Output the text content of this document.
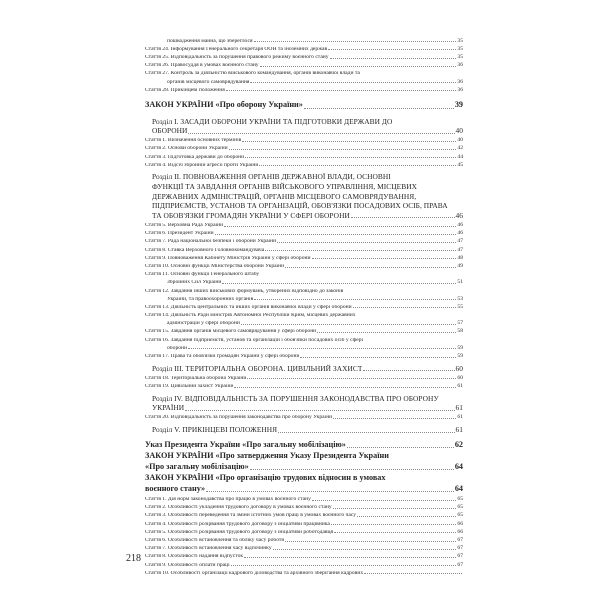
пошкодження майна, що збереглося	35
Стаття 24. Інформування Генерального секретаря ООН та іноземних держав	35
Стаття 25. Відповідальність за порушення правового режиму воєнного стану	35
Стаття 26. Правосуддя в умовах воєнного стану	36
Стаття 27. Контроль за діяльністю військового командування, органів виконавчої влади та
органів місцевого самоврядування	36
Стаття 28. Прикінцеві положення	36
ЗАКОН УКРАЇНИ «Про оборону України»	39
Розділ І. ЗАСАДИ ОБОРОНИ УКРАЇНИ ТА ПІДГОТОВКИ ДЕРЖАВИ ДО
ОБОРОНИ	40
Стаття 1. Визначення основних термінів	40
Стаття 2. Основи оборони України	42
Стаття 3. Підготовка держави до оборони	44
Стаття 4. Відсіч збройній агресії проти України	45
Розділ ІІ. ПОВНОВАЖЕННЯ ОРГАНІВ ДЕРЖАВНОЇ ВЛАДИ, ОСНОВНІ
ФУНКЦІЇ ТА ЗАВДАННЯ ОРГАНІВ ВІЙСЬКОВОГО УПРАВЛІННЯ, МІСЦЕВИХ
ДЕРЖАВНИХ АДМІНІСТРАЦІЙ, ОРГАНІВ МІСЦЕВОГО САМОВРЯДУВАННЯ,
ПІДПРИЄМСТВ, УСТАНОВ ТА ОРГАНІЗАЦІЙ, ОБОВ'ЯЗКИ ПОСАДОВИХ ОСІБ, ПРАВА
ТА ОБОВ'ЯЗКИ ГРОМАДЯН УКРАЇНИ У СФЕРІ ОБОРОНИ	46
Стаття 5. Верховна Рада України	46
Стаття 6. Президент України	46
Стаття 7. Рада національної безпеки і оборони України	47
Стаття 8. Ставка Верховного Головнокомандувача	47
Стаття 9. Повноваження Кабінету Міністрів України у сфері оборони	48
Стаття 10. Основні функції Міністерства оборони України	49
Стаття 11. Основні функції Генерального штабу
Збройних Сил України	51
Стаття 12. Завдання інших військових формувань, утворених відповідно до законів
України, та правоохоронних органів	53
Стаття 13. Діяльність центральних та інших органів виконавчої влади у сфері оборони	55
Стаття 14. Діяльність Ради міністрів Автономної Республіки Крим, місцевих державних
адміністрацій у сфері оборони	57
Стаття 15. Завдання органів місцевого самоврядування у сфері оборони	58
Стаття 16. Завдання підприємств, установ та організацій і обов'язки посадових осіб у сфері
оборони	59
Стаття 17. Права та обов'язки громадян України у сфері оборони	59
Розділ ІІІ. ТЕРИТОРІАЛЬНА ОБОРОНА. ЦИВІЛЬНИЙ ЗАХИСТ	60
Стаття 18. Територіальна оборона України	60
Стаття 19. Цивільний захист України	61
Розділ IV. ВІДПОВІДАЛЬНІСТЬ ЗА ПОРУШЕННЯ ЗАКОНОДАВСТВА ПРО ОБОРОНУ
УКРАЇНИ	61
Стаття 20. Відповідальність за порушення законодавства про оборону України	61
Розділ V. ПРИКІНЦЕВІ ПОЛОЖЕННЯ	61
Указ Президента України «Про загальну мобілізацію»	62
ЗАКОН УКРАЇНИ «Про затвердження Указу Президента України
«Про загальну мобілізацію»	64
ЗАКОН УКРАЇНИ «Про організацію трудових відносин в умовах
воєнного стану»	64
Стаття 1. Дія норм законодавства про працю в умовах воєнного стану	65
Стаття 2. Особливості укладення трудового договору в умовах воєнного стану	65
Стаття 3. Особливості переведення та зміни істотних умов праці в умовах воєнного часу	65
Стаття 4. Особливості розірвання трудового договору з ініціативи працівника	66
Стаття 5. Особливості розірвання трудового договору з ініціативи роботодавця	66
Стаття 6. Особливості встановлення та обліку часу роботи	67
Стаття 7. Особливості встановлення часу відпочинку	67
Стаття 8. Особливості надання відпусток	67
Стаття 9. Особливості оплати праці	67
Стаття 10. Особливості організації кадрового діловодства та архівного зберігання кадрових
218
